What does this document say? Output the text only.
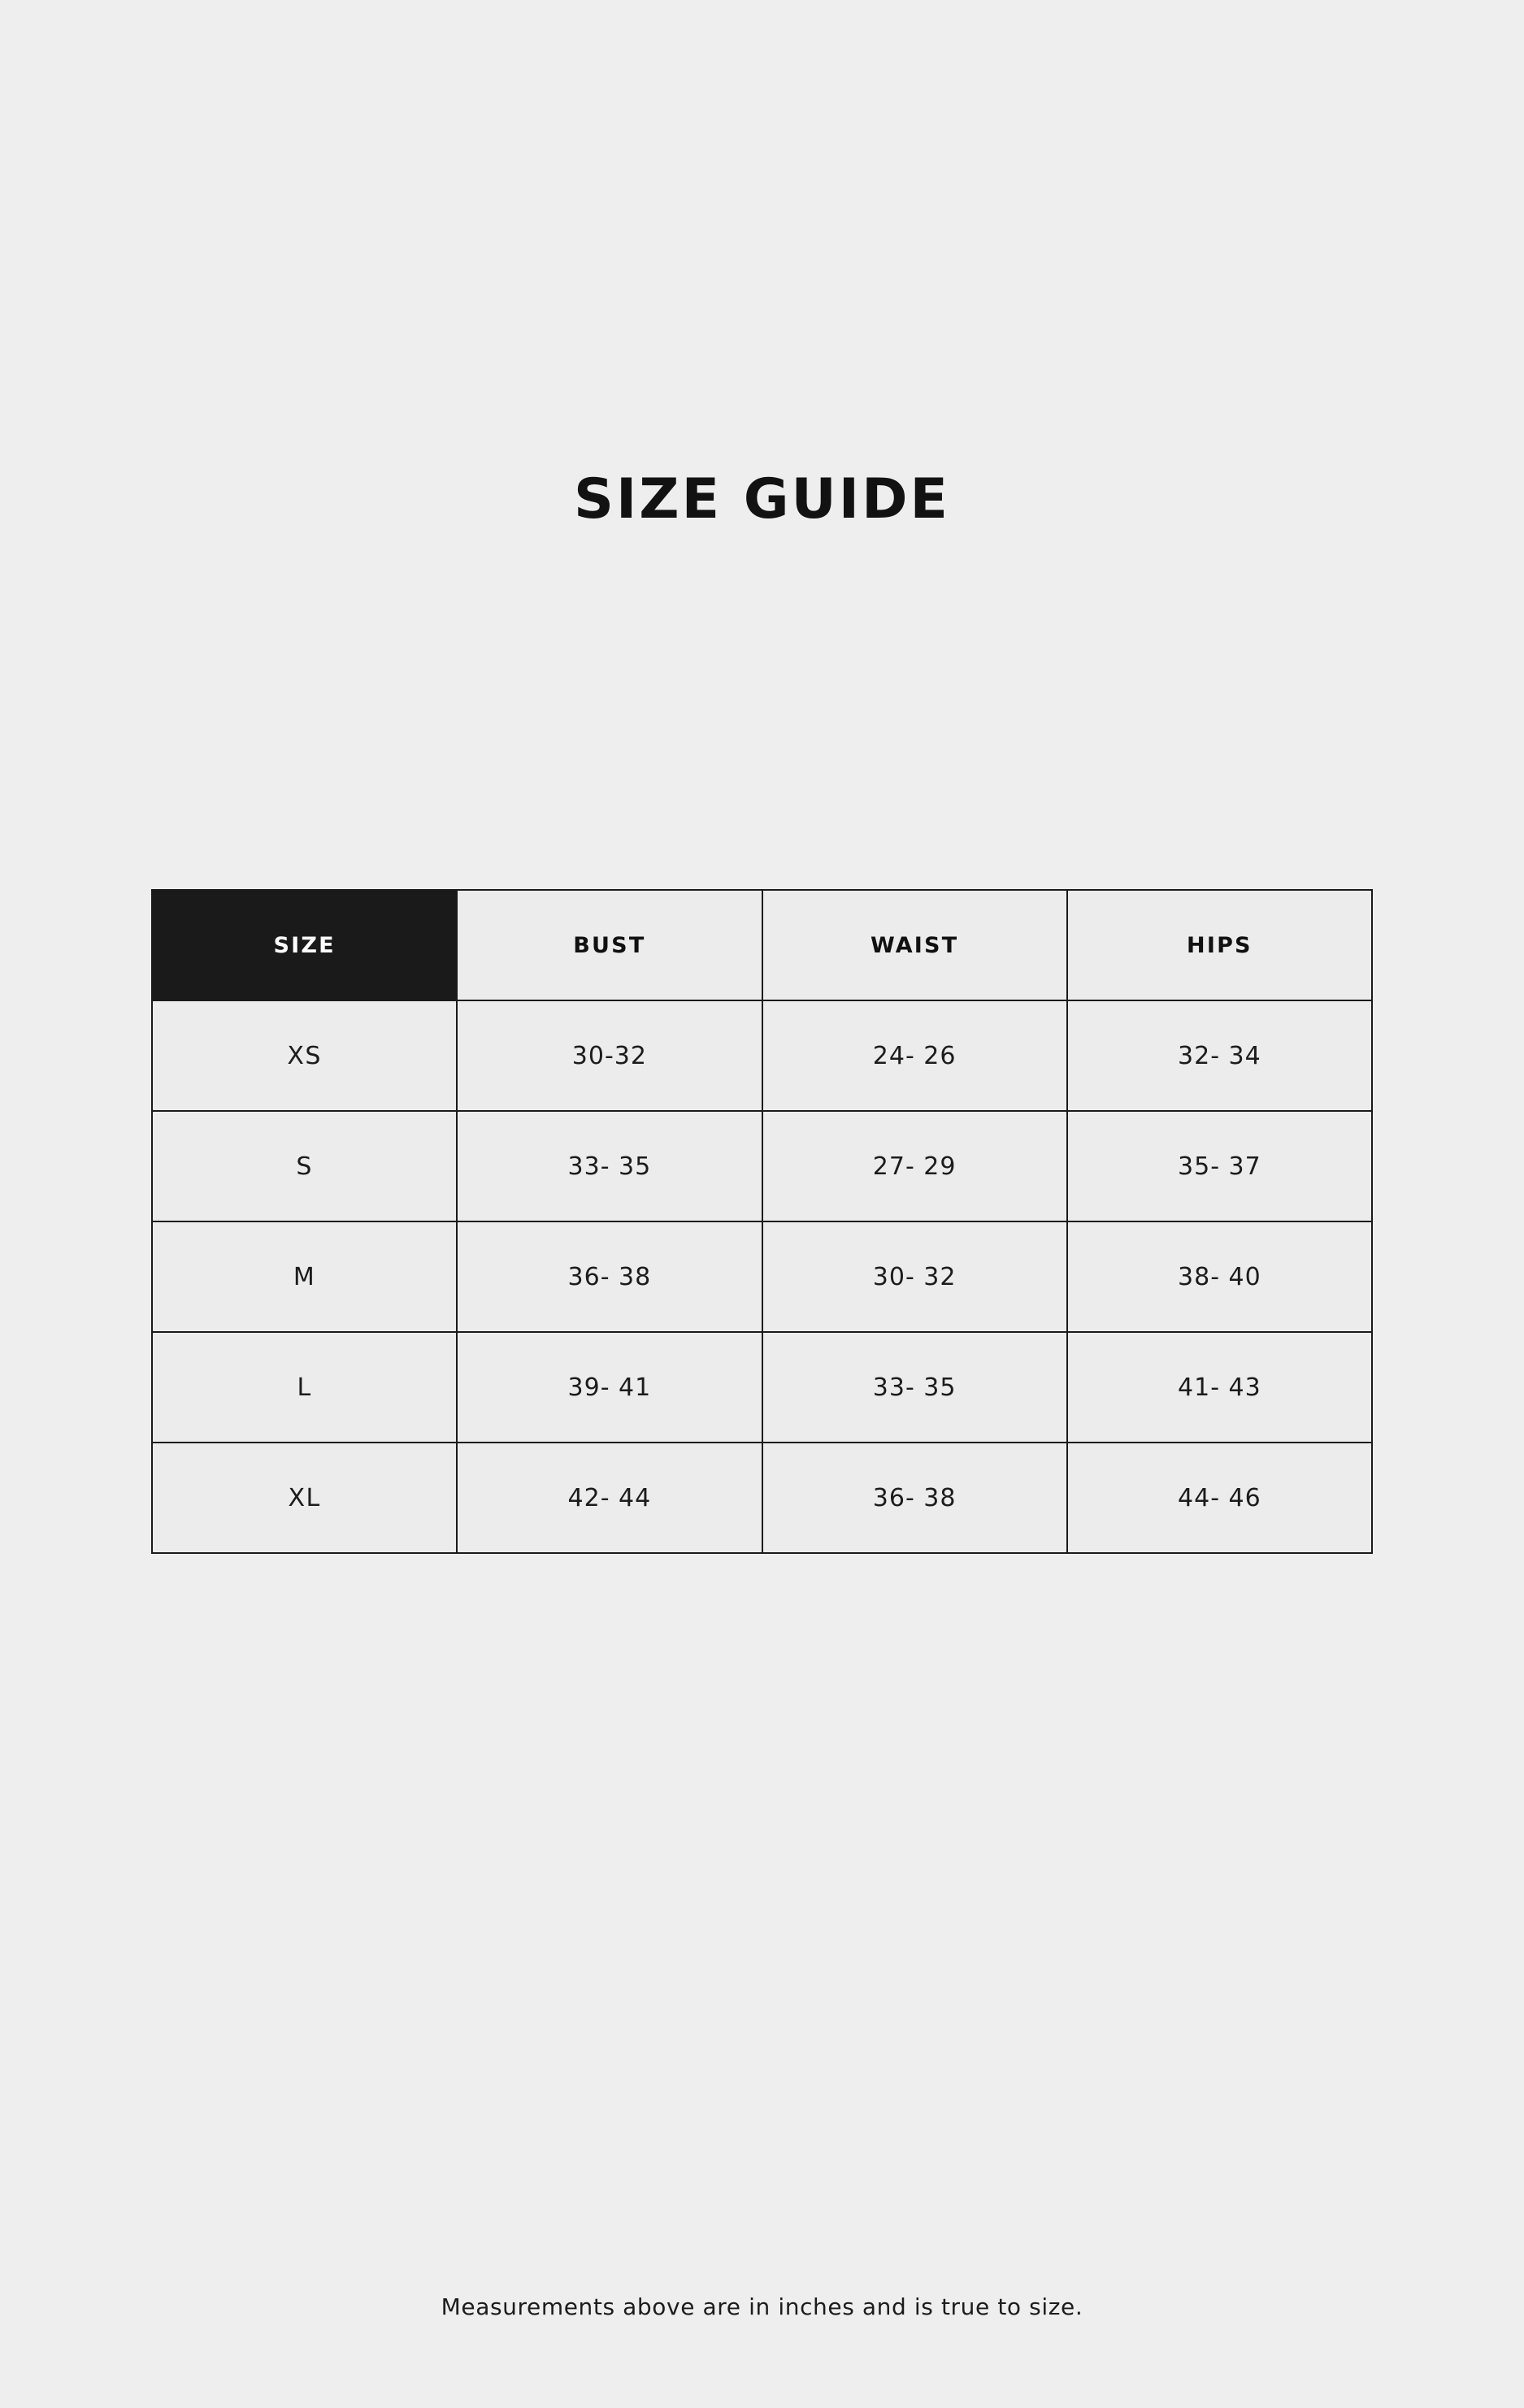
SIZE GUIDE
SIZE	BUST	WAIST	HIPS
XS	30-32	24- 26	32- 34
S	33- 35	27- 29	35- 37
M	36- 38	30- 32	38- 40
L	39- 41	33- 35	41- 43
XL	42- 44	36- 38	44- 46
Measurements above are in inches and is true to size.
